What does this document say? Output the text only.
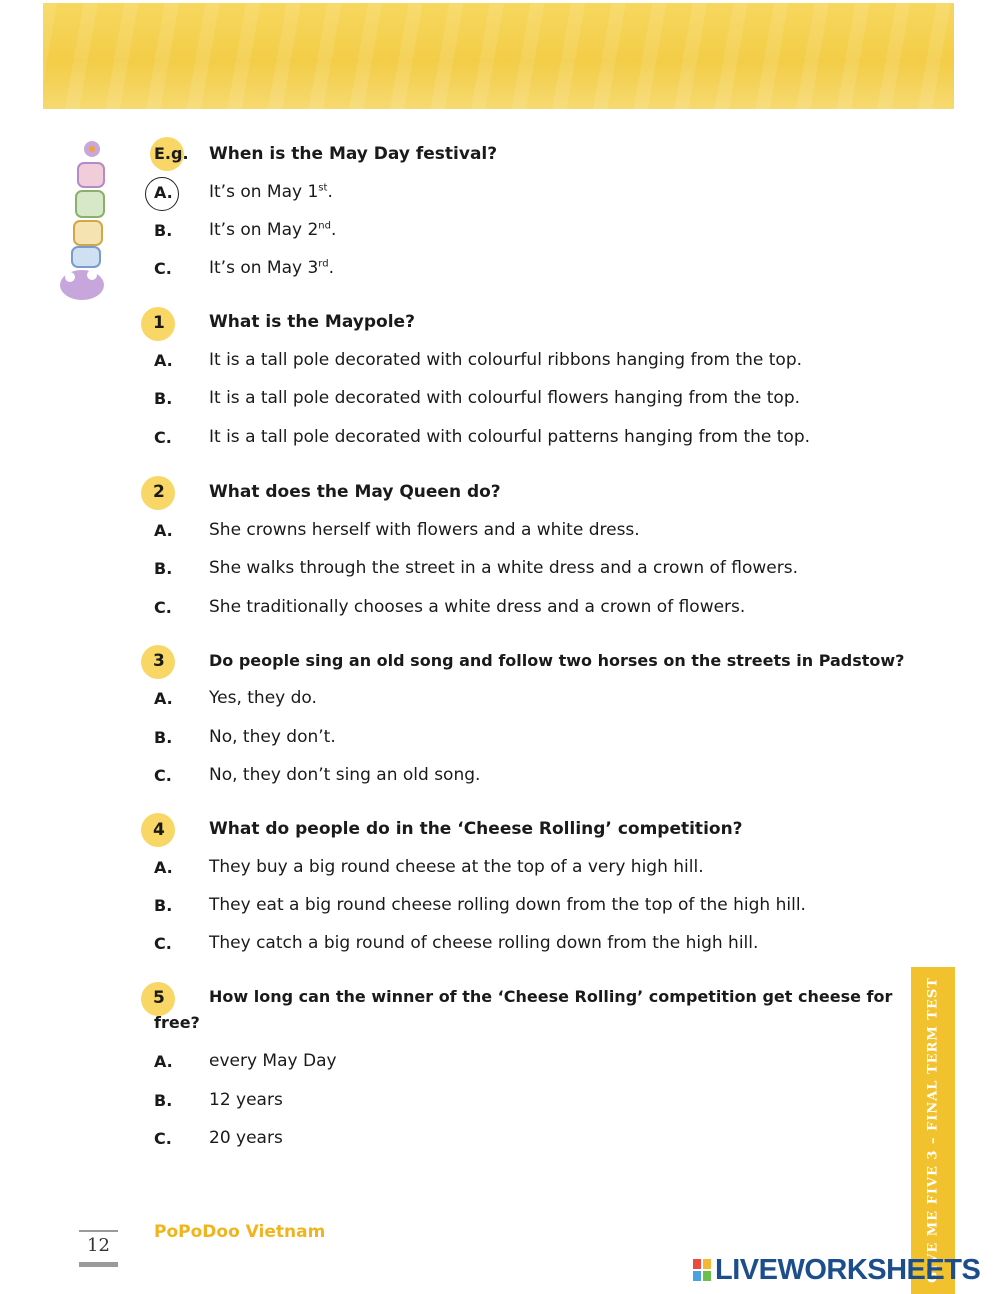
E.g. When is the May Day festival?
A. It’s on May 1st.
B. It’s on May 2nd.
C. It’s on May 3rd.
1	What is the Maypole?
A. It is a tall pole decorated with colourful ribbons hanging from the top.
B. It is a tall pole decorated with colourful flowers hanging from the top.
C. It is a tall pole decorated with colourful patterns hanging from the top.
2	What does the May Queen do?
A. She crowns herself with flowers and a white dress.
B. She walks through the street in a white dress and a crown of flowers.
C. She traditionally chooses a white dress and a crown of flowers.
3	Do people sing an old song and follow two horses on the streets in Padstow?
A. Yes, they do.
B. No, they don’t.
C. No, they don’t sing an old song.
4	What do people do in the ‘Cheese Rolling’ competition?
A. They buy a big round cheese at the top of a very high hill.
B. They eat a big round cheese rolling down from the top of the high hill.
C. They catch a big round of cheese rolling down from the high hill.
5	How long can the winner of the ‘Cheese Rolling’ competition get cheese for
free?
A. every May Day
B. 12 years
C. 20 years	GIVE ME FIVE 3 – FINAL TERM TEST
12
PoPoDoo Vietnam
LIVEWORKSHEETS
